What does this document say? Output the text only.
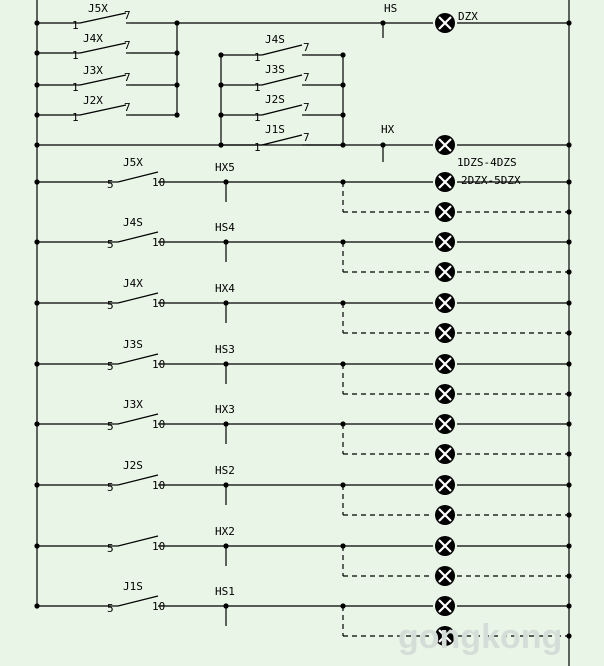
J5X
1
7
J4X
1
7
J3X
1
7
J2X
1
7
J4S
1
7
J3S
1
7
J2S
1
7
J1S
1
7
J5X
5	10
HX5
J4S
5	10
HS4
J4X
5	10
HX4
J3S
5	10
HS3
J3X
5	10
HX3
J2S
5	10
HS2
5	10
HX2
J1S
5	10
HS1
HS
DZX
HX
1DZS-4DZS
2DZX-5DZX
gongkong
